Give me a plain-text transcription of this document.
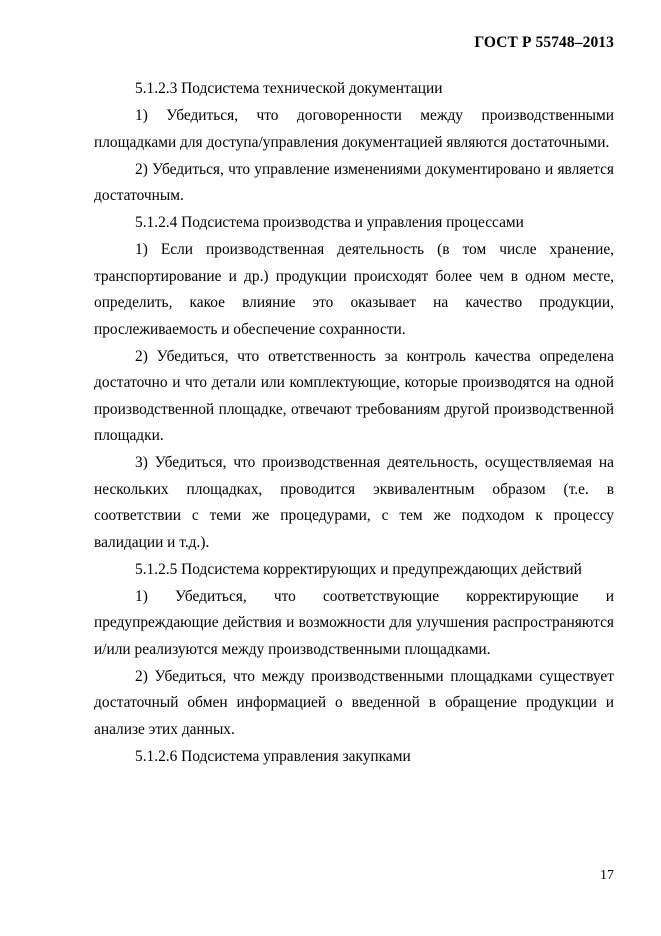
ГОСТ Р 55748–2013

5.1.2.3 Подсистема технической документации

1) Убедиться, что договоренности между производственными площадками для доступа/управления документацией являются достаточными.

2) Убедиться, что управление изменениями документировано и является достаточным.

5.1.2.4 Подсистема производства и управления процессами

1) Если производственная деятельность (в том числе хранение, транспортирование и др.) продукции происходят более чем в одном месте, определить, какое влияние это оказывает на качество продукции, прослеживаемость и обеспечение сохранности.

2) Убедиться, что ответственность за контроль качества определена достаточно и что детали или комплектующие, которые производятся на одной производственной площадке, отвечают требованиям другой производственной площадки.

3) Убедиться, что производственная деятельность, осуществляемая на нескольких площадках, проводится эквивалентным образом (т.е. в соответствии с теми же процедурами, с тем же подходом к процессу валидации и т.д.).

5.1.2.5 Подсистема корректирующих и предупреждающих действий

1) Убедиться, что соответствующие корректирующие и предупреждающие действия и возможности для улучшения распространяются и/или реализуются между производственными площадками.

2) Убедиться, что между производственными площадками существует достаточный обмен информацией о введенной в обращение продукции и анализе этих данных.

5.1.2.6 Подсистема управления закупками

17
